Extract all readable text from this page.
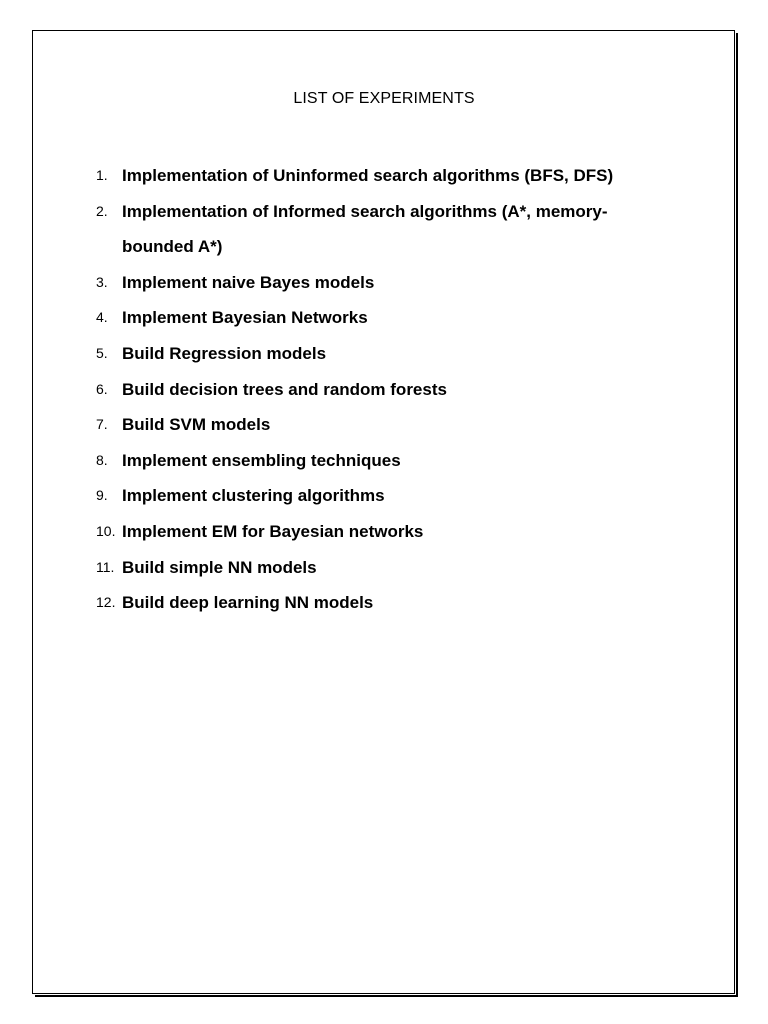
LIST OF EXPERIMENTS
1. Implementation of Uninformed search algorithms (BFS, DFS)
2. Implementation of Informed search algorithms (A*, memory-bounded A*)
3. Implement naive Bayes models
4. Implement Bayesian Networks
5. Build Regression models
6. Build decision trees and random forests
7. Build SVM models
8. Implement ensembling techniques
9. Implement clustering algorithms
10. Implement EM for Bayesian networks
11. Build simple NN models
12. Build deep learning NN models
